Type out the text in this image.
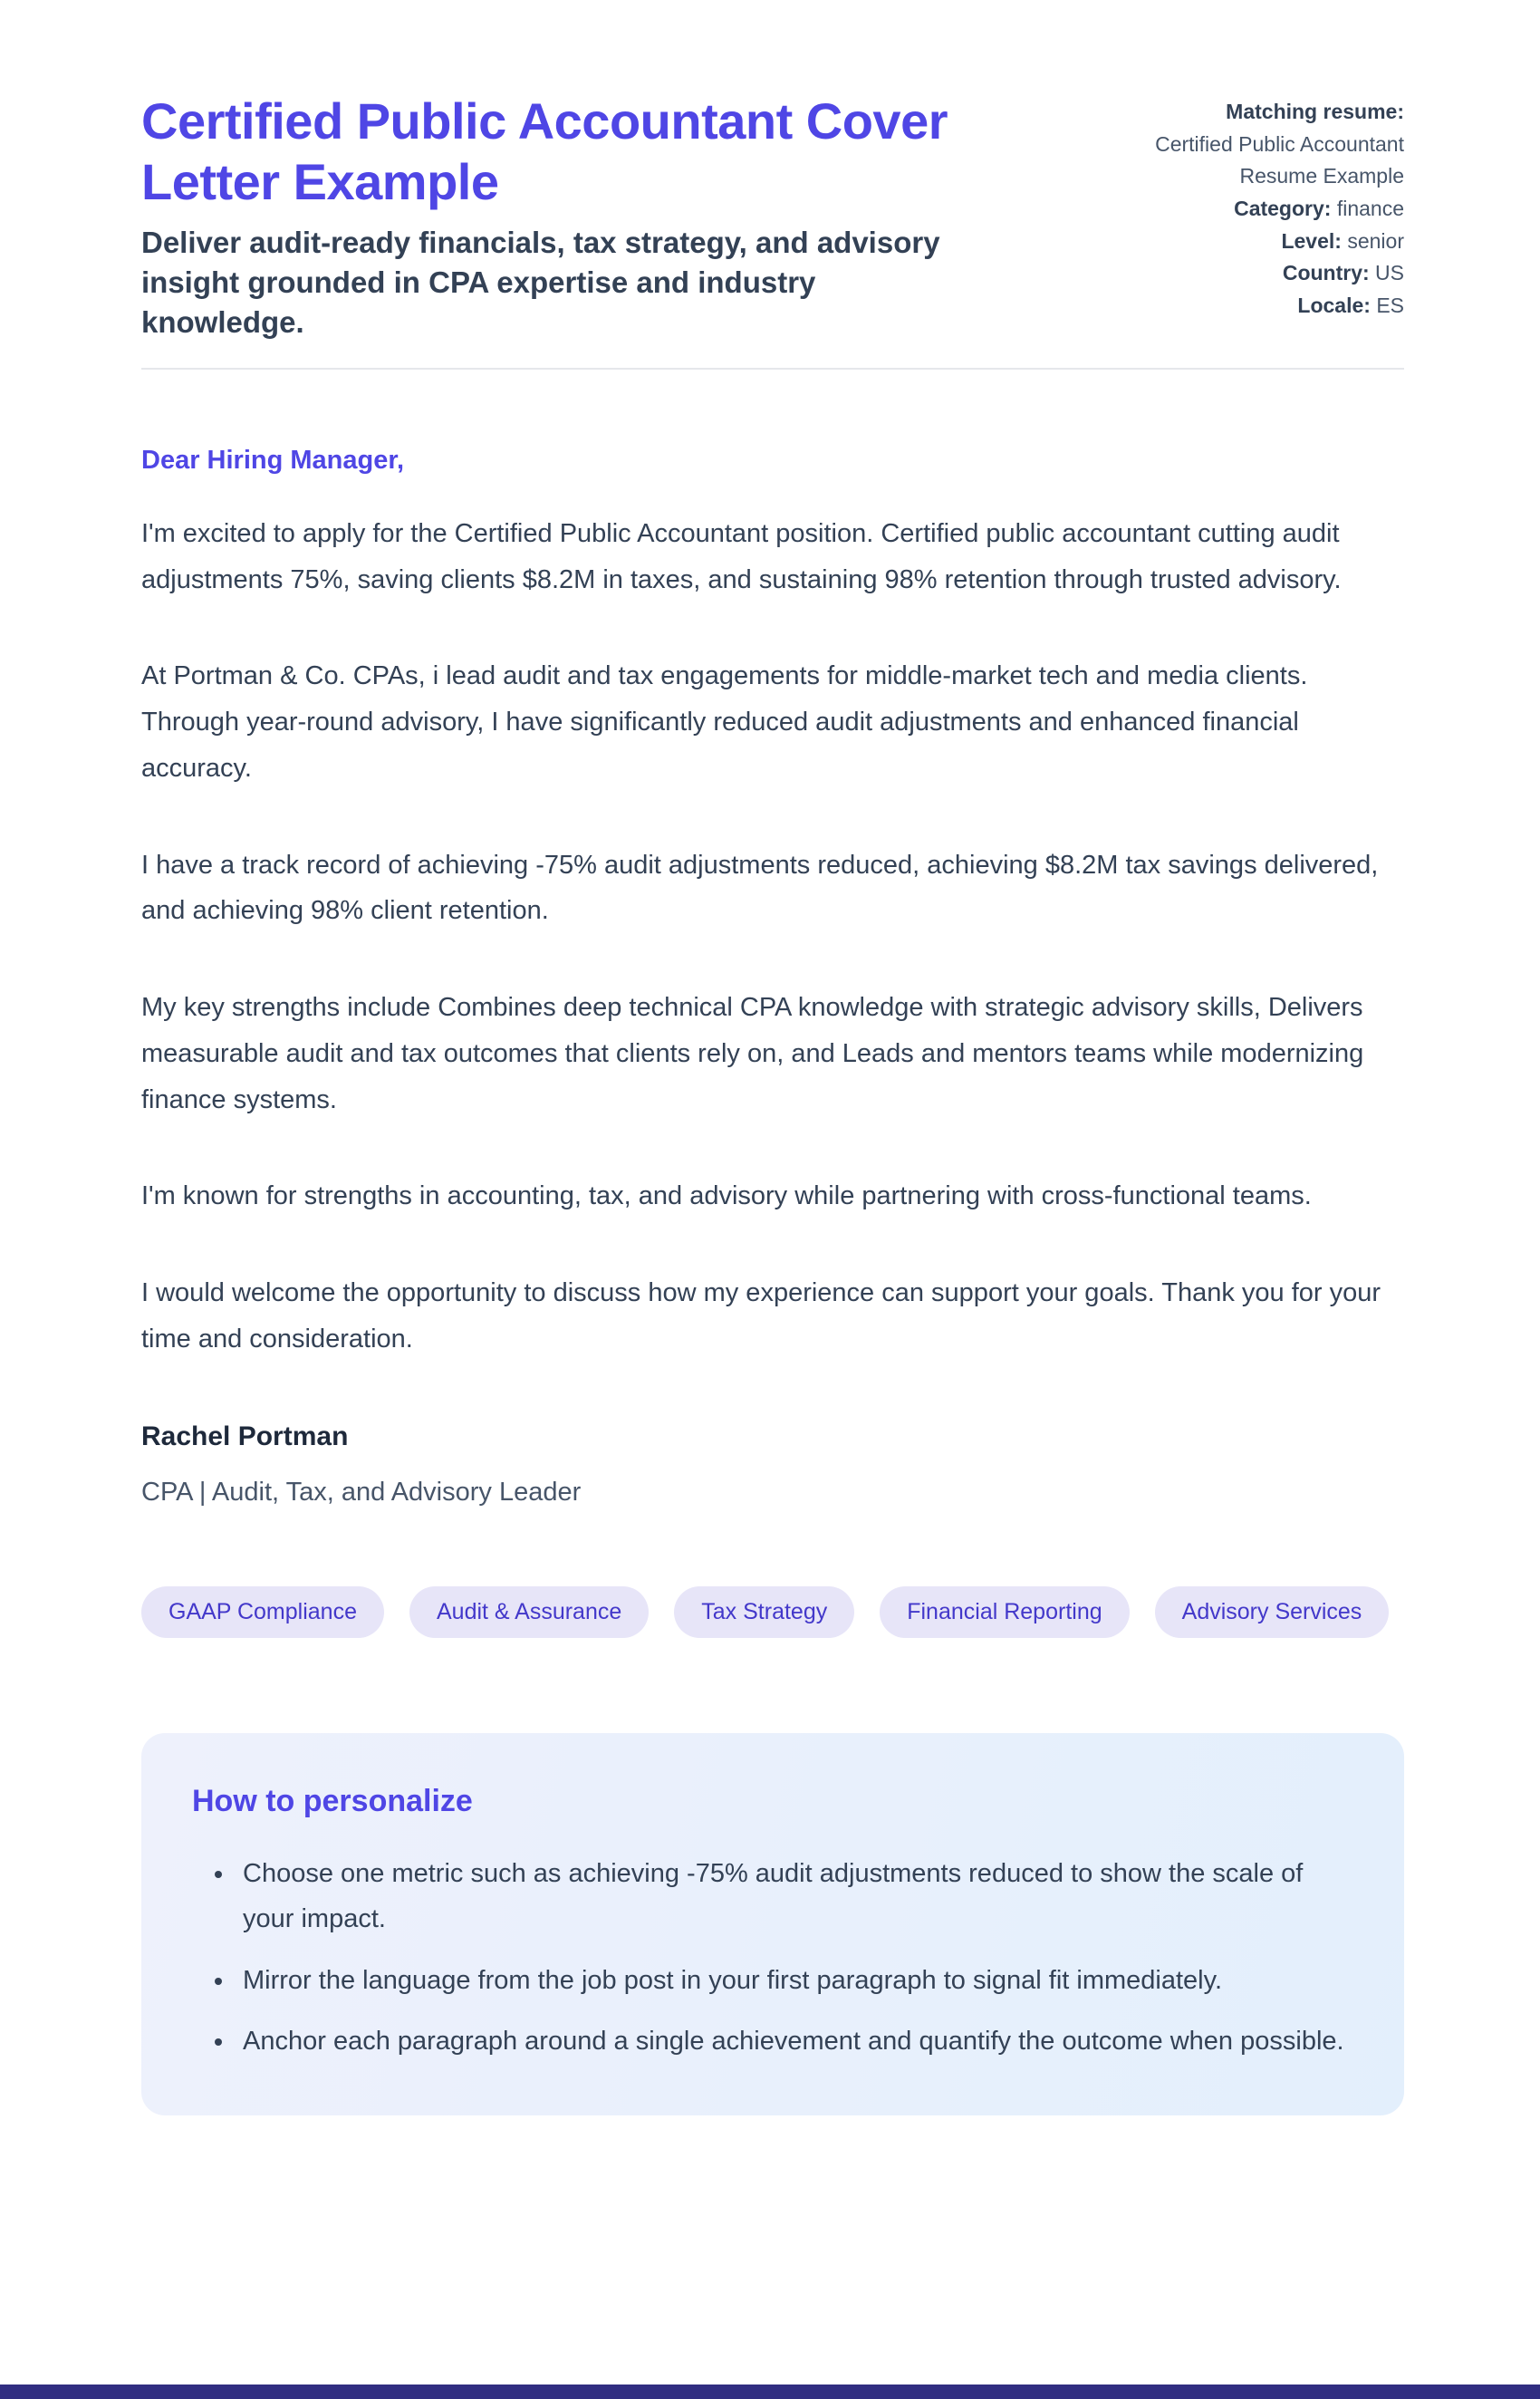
Certified Public Accountant Cover Letter Example

Deliver audit-ready financials, tax strategy, and advisory insight grounded in CPA expertise and industry knowledge.

Matching resume:
Certified Public Accountant Resume Example
Category: finance
Level: senior
Country: US
Locale: ES

Dear Hiring Manager,

I'm excited to apply for the Certified Public Accountant position. Certified public accountant cutting audit adjustments 75%, saving clients $8.2M in taxes, and sustaining 98% retention through trusted advisory.

At Portman & Co. CPAs, i lead audit and tax engagements for middle-market tech and media clients. Through year-round advisory, I have significantly reduced audit adjustments and enhanced financial accuracy.

I have a track record of achieving -75% audit adjustments reduced, achieving $8.2M tax savings delivered, and achieving 98% client retention.

My key strengths include Combines deep technical CPA knowledge with strategic advisory skills, Delivers measurable audit and tax outcomes that clients rely on, and Leads and mentors teams while modernizing finance systems.

I'm known for strengths in accounting, tax, and advisory while partnering with cross-functional teams.

I would welcome the opportunity to discuss how my experience can support your goals. Thank you for your time and consideration.

Rachel Portman

CPA | Audit, Tax, and Advisory Leader

GAAP Compliance	Audit & Assurance	Tax Strategy	Financial Reporting	Advisory Services
How to personalize
• Choose one metric such as achieving -75% audit adjustments reduced to show the scale of your impact.
• Mirror the language from the job post in your first paragraph to signal fit immediately.
• Anchor each paragraph around a single achievement and quantify the outcome when possible.
